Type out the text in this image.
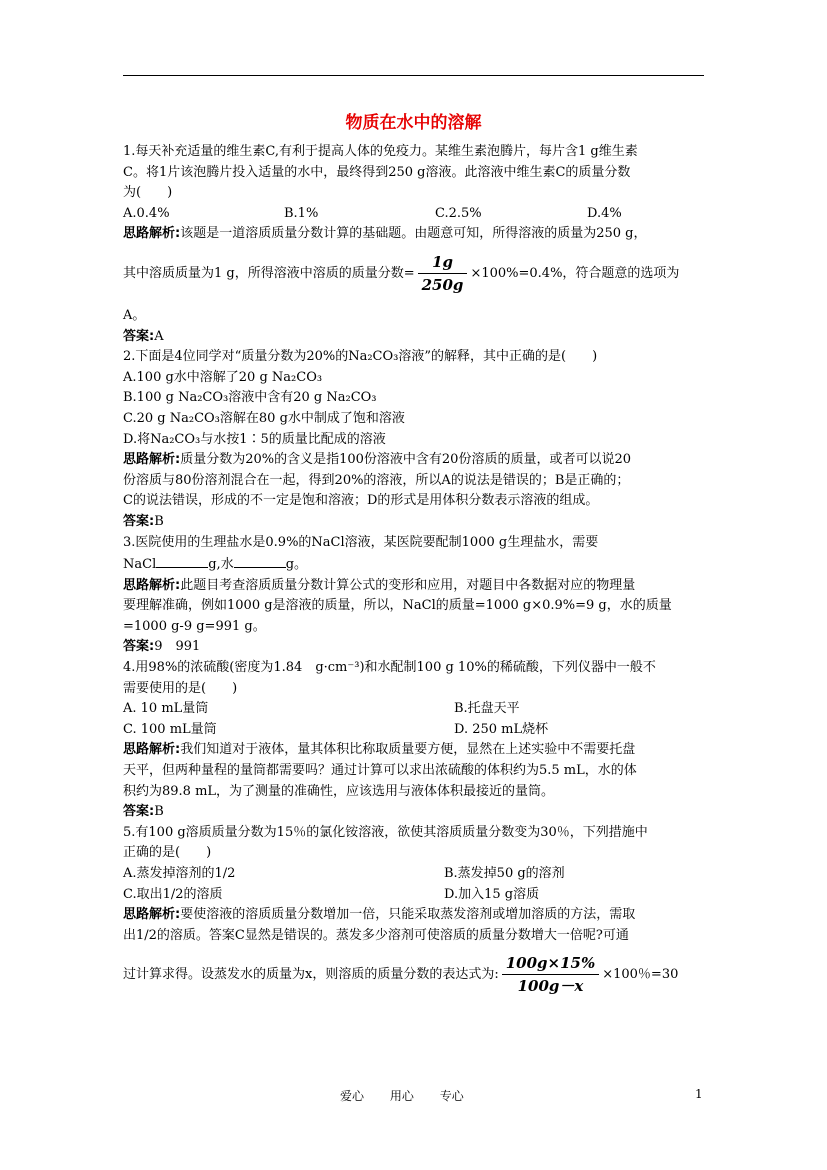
物质在水中的溶解

1.每天补充适量的维生素C,有利于提高人体的免疫力。某维生素泡腾片，每片含1 g维生素

C。将1片该泡腾片投入适量的水中，最终得到250 g溶液。此溶液中维生素C的质量分数

为(　　)

A.0.4%	B.1%	C.2.5%	D.4%

思路解析:该题是一道溶质质量分数计算的基础题。由题意可知，所得溶液的质量为250 g，

其中溶质质量为1 g，所得溶液中溶质的质量分数= $\frac{1g}{250g} \times 100\%=0.4\%$，符合题意的选项为

A。

答案:A

2.下面是4位同学对“质量分数为20%的Na₂CO₃溶液”的解释，其中正确的是(　　)

A.100 g水中溶解了20 g Na₂CO₃

B.100 g Na₂CO₃溶液中含有20 g Na₂CO₃

C.20 g Na₂CO₃溶解在80 g水中制成了饱和溶液

D.将Na₂CO₃与水按1∶5的质量比配成的溶液

思路解析:质量分数为20%的含义是指100份溶液中含有20份溶质的质量，或者可以说20

份溶质与80份溶剂混合在一起，得到20%的溶液，所以A的说法是错误的；B是正确的；

C的说法错误，形成的不一定是饱和溶液；D的形式是用体积分数表示溶液的组成。

答案:B

3.医院使用的生理盐水是0.9%的NaCl溶液，某医院要配制1000 g生理盐水，需要

NaCl	g,水	g。

思路解析:此题目考查溶质质量分数计算公式的变形和应用，对题目中各数据对应的物理量

要理解准确，例如1000 g是溶液的质量，所以，NaCl的质量=1000 g×0.9%=9 g，水的质量

=1000 g-9 g=991 g。

答案:9　991

4.用98%的浓硫酸(密度为1.84　g·cm⁻³)和水配制100 g 10%的稀硫酸，下列仪器中一般不

需要使用的是(　　)

A. 10 mL量筒	B.托盘天平
C. 100 mL量筒	D. 250 mL烧杯

思路解析:我们知道对于液体，量其体积比称取质量要方便，显然在上述实验中不需要托盘

天平，但两种量程的量筒都需要吗？通过计算可以求出浓硫酸的体积约为5.5 mL，水的体

积约为89.8 mL，为了测量的准确性，应该选用与液体体积最接近的量筒。

答案:B

5.有100 g溶质质量分数为15％的氯化铵溶液，欲使其溶质质量分数变为30％，下列措施中

正确的是(　　)

A.蒸发掉溶剂的1/2	B.蒸发掉50 g的溶剂
C.取出1/2的溶质	D.加入15 g溶质

思路解析:要使溶液的溶质质量分数增加一倍，只能采取蒸发溶剂或增加溶质的方法，需取

出1/2的溶质。答案C显然是错误的。蒸发多少溶剂可使溶质的质量分数增大一倍呢?可通

过计算求得。设蒸发水的质量为x，则溶质的质量分数的表达式为: $\frac{100g\times 15\%}{100g-x} \times 100$％=30

爱心 用心 专心	1
